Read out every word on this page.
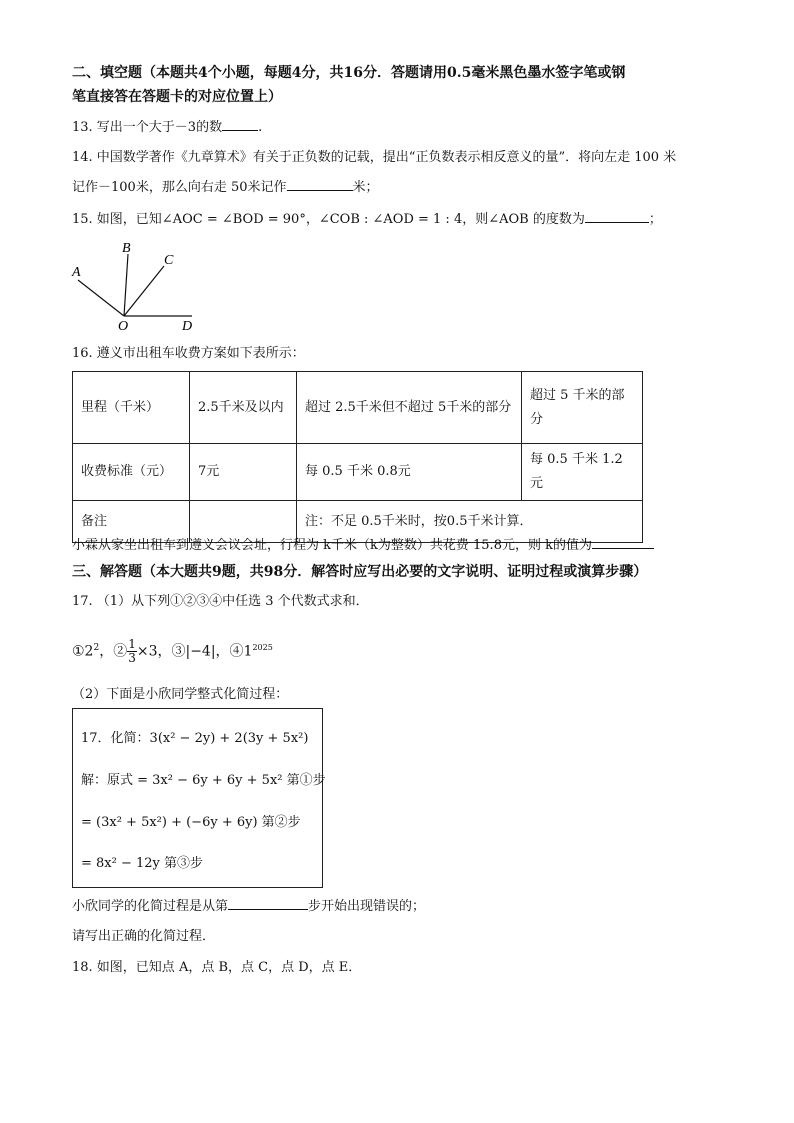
二、填空题（本题共4个小题，每题4分，共16分．答题请用0.5毫米黑色墨水签字笔或钢
笔直接答在答题卡的对应位置上）
13. 写出一个大于－3的数	.
14. 中国数学著作《九章算术》有关于正负数的记载，提出“正负数表示相反意义的量”．将向左走 100 米
记作－100米，那么向右走 50米记作	米；
15. 如图，已知∠AOC = ∠BOD = 90°，∠COB : ∠AOD = 1 : 4，则∠AOB 的度数为	；
A
B
C
O	D
16. 遵义市出租车收费方案如下表所示：
里程（千米）	2.5千米及以内	超过 2.5千米但不超过 5千米的部分	超过 5 千米的部分
收费标准（元）	7元	每 0.5 千米 0.8元	每 0.5 千米 1.2元
备注		注：不足 0.5千米时，按0.5千米计算．	
小霖从家坐出租车到遵义会议会址，行程为 k千米（k为整数）共花费 15.8元，则 k的值为
三、解答题（本大题共9题，共98分．解答时应写出必要的文字说明、证明过程或演算步骤）
17. （1）从下列①②③④中任选 3 个代数式求和．
$①2^2$，② $\frac{1}{3} \times 3$，③|−4|，$④1^{2025}$
（2）下面是小欣同学整式化简过程：
17．化简：3(x² − 2y) + 2(3y + 5x²)
解：原式 = 3x² − 6y + 6y + 5x² 第①步
= (3x² + 5x²) + (−6y + 6y) 第②步
= 8x² − 12y 第③步
小欣同学的化简过程是从第	步开始出现错误的；
请写出正确的化简过程．
18. 如图，已知点 A，点 B，点 C，点 D，点 E．
